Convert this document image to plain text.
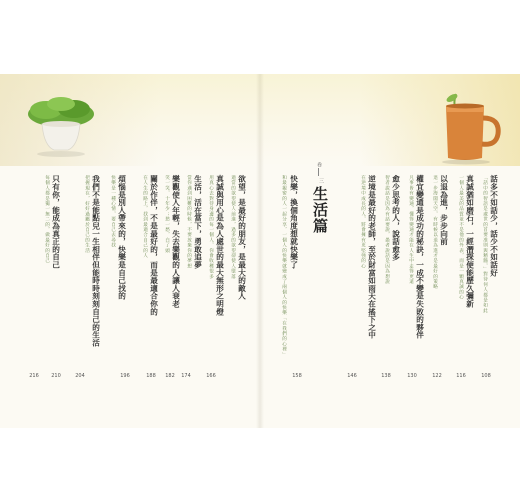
話多不如話少，話少不如話好
「話中的智語是處世的首要准則與精髓，」對待何人都是如此
108
真誠猶如磨石，一經潛探便能歷久彌新
一個人最美的品質並不是他的外表，而是一顆真誠的心
116
以退為進，步步向前
退一步海闊天空，有時候以退為進才是最好的策略
122
權宜變通是成功的秘訣，一成不變是失敗的夥伴
凡事皆有變通，懂得變通才能在人生中走得更遠
130
愈少思考的人，說話愈多
智者說話是因為有話要說，愚者說話是因為想說
138
逆境是最好的老師，至於財富如雨天在搖下之中
在逆境中成長的人，將會擁有更堅強的心
146
卷
三
生活篇
快樂，換個角度想就快樂了
和最親密的人一起分享，一個人的快樂就變成了兩個人的快樂「在我們的心裡」
158
欲望，是最好的朋友，是最大的敵人
適當的欲望使人前進，過多的欲望卻使人墮落
166
真誠與用心是為人處世的最大無形之明燈
用真心去對待身邊的每一個人，你會收穫很多
174
生活，活在當下，勇敢追夢
當你遇到困難的時候，不要放棄你的夢想
182
樂觀使人年輕，失去樂觀的人讓人衰老
笑一笑，十年少；愁一愁，白了頭
188
關於作伴，不是最好的，而是最適合你的
在人生的路上，找到最適合自己的人
196
煩惱是別人帶來的，快樂是自己找的
快樂是一種心情，要自己去尋找
204
我們不是能點兒一生相伴但能時時刻刻自己的生活
把握現在，好好過屬於自己的生活
210
只有你，能成為真正的自己
每個人都是獨一無二的，做最好的自己
216
